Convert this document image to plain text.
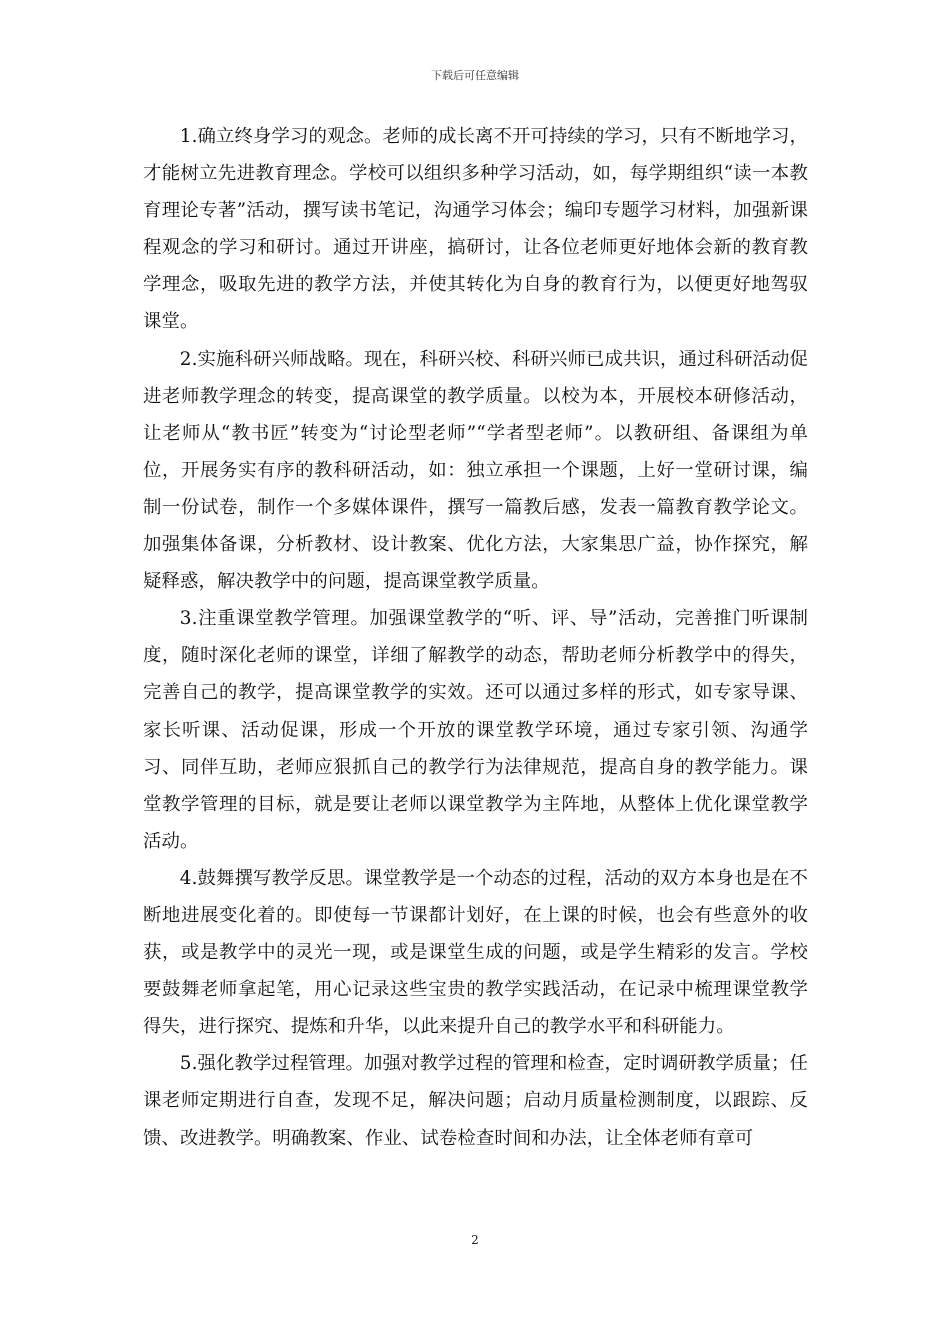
下载后可任意编辑

1.确立终身学习的观念。老师的成长离不开可持续的学习，只有不断地学习，才能树立先进教育理念。学校可以组织多种学习活动，如，每学期组织“读一本教育理论专著”活动，撰写读书笔记，沟通学习体会；编印专题学习材料，加强新课程观念的学习和研讨。通过开讲座，搞研讨，让各位老师更好地体会新的教育教学理念，吸取先进的教学方法，并使其转化为自身的教育行为，以便更好地驾驭课堂。

2.实施科研兴师战略。现在，科研兴校、科研兴师已成共识，通过科研活动促进老师教学理念的转变，提高课堂的教学质量。以校为本，开展校本研修活动，让老师从“教书匠”转变为“讨论型老师”“学者型老师”。以教研组、备课组为单位，开展务实有序的教科研活动，如：独立承担一个课题，上好一堂研讨课，编制一份试卷，制作一个多媒体课件，撰写一篇教后感，发表一篇教育教学论文。加强集体备课，分析教材、设计教案、优化方法，大家集思广益，协作探究，解疑释惑，解决教学中的问题，提高课堂教学质量。

3.注重课堂教学管理。加强课堂教学的“听、评、导”活动，完善推门听课制度，随时深化老师的课堂，详细了解教学的动态，帮助老师分析教学中的得失，完善自己的教学，提高课堂教学的实效。还可以通过多样的形式，如专家导课、家长听课、活动促课，形成一个开放的课堂教学环境，通过专家引领、沟通学习、同伴互助，老师应狠抓自己的教学行为法律规范，提高自身的教学能力。课堂教学管理的目标，就是要让老师以课堂教学为主阵地，从整体上优化课堂教学活动。

4.鼓舞撰写教学反思。课堂教学是一个动态的过程，活动的双方本身也是在不断地进展变化着的。即使每一节课都计划好，在上课的时候，也会有些意外的收获，或是教学中的灵光一现，或是课堂生成的问题，或是学生精彩的发言。学校要鼓舞老师拿起笔，用心记录这些宝贵的教学实践活动，在记录中梳理课堂教学得失，进行探究、提炼和升华，以此来提升自己的教学水平和科研能力。

5.强化教学过程管理。加强对教学过程的管理和检查，定时调研教学质量；任课老师定期进行自查，发现不足，解决问题；启动月质量检测制度，以跟踪、反馈、改进教学。明确教案、作业、试卷检查时间和办法，让全体老师有章可

2
